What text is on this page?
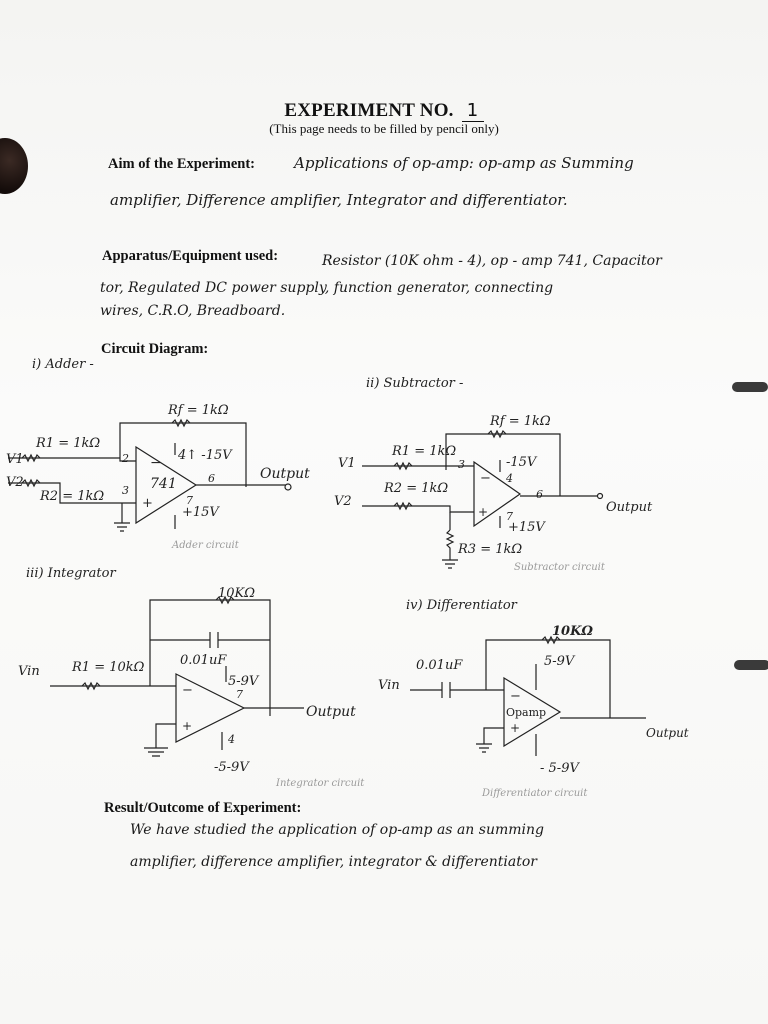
EXPERIMENT NO. 1
(This page needs to be filled by pencil only)
Aim of the Experiment:	Applications of op-amp: op-amp as Summing
amplifier, Difference amplifier, Integrator and differentiator.
Apparatus/Equipment used:	Resistor (10K ohm - 4), op - amp 741, Capacitor
tor, Regulated DC power supply, function generator, connecting
wires, C.R.O, Breadboard.
Circuit Diagram:
i) Adder -
−
+
Rf = 1kΩ
R1 = 1kΩ
V1
V2
R2 = 1kΩ
2
3 741
4↑ -15V
6
7
+15V
Output
Adder circuit
ii) Subtractor -
−
+
Rf = 1kΩ
R1 = 1kΩ
V1
R2 = 1kΩ
V2
3	-15V
4
6
7
+15V
Output
R3 = 1kΩ
Subtractor circuit
iii) Integrator
−
+
10KΩ
0.01uF
Vin R1 = 10kΩ
5-9V
7
4
-5-9V
Output
Integrator circuit
iv) Differentiator
−
+
10KΩ
0.01uF
Vin
5-9V
Opamp
- 5-9V
Output
Differentiator circuit
Result/Outcome of Experiment:
We have studied the application of op-amp as an summing
amplifier, difference amplifier, integrator & differentiator
